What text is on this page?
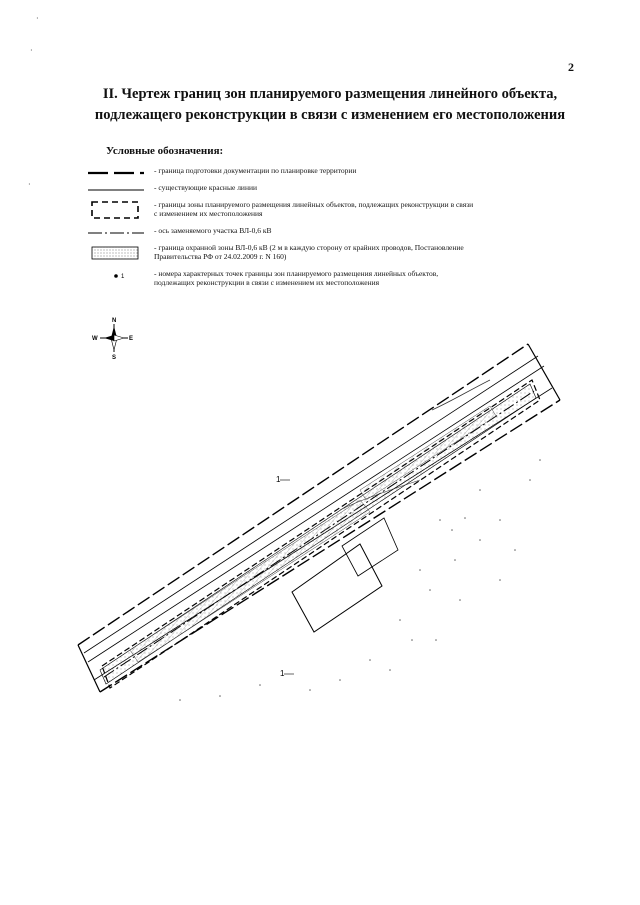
2
II. Чертеж границ зон планируемого размещения линейного объекта,
подлежащего реконструкции в связи с изменением его местоположения
Условные обозначения:
- граница подготовки документации по планировке территории
- существующие красные линии
- границы зоны планируемого размещения линейных объектов, подлежащих реконструкции в связи с изменением их местоположения
- ось заменяемого участка ВЛ-0,6 кВ
- граница охранной зоны ВЛ-0,6 кВ (2 м в каждую сторону от крайних проводов, Постановление Правительства РФ от 24.02.2009 г. N 160)
1	- номера характерных точек границы зон планируемого размещения линейных объектов, подлежащих реконструкции в связи с изменением их местоположения
N
S
W	E
1
1
·
·
·
